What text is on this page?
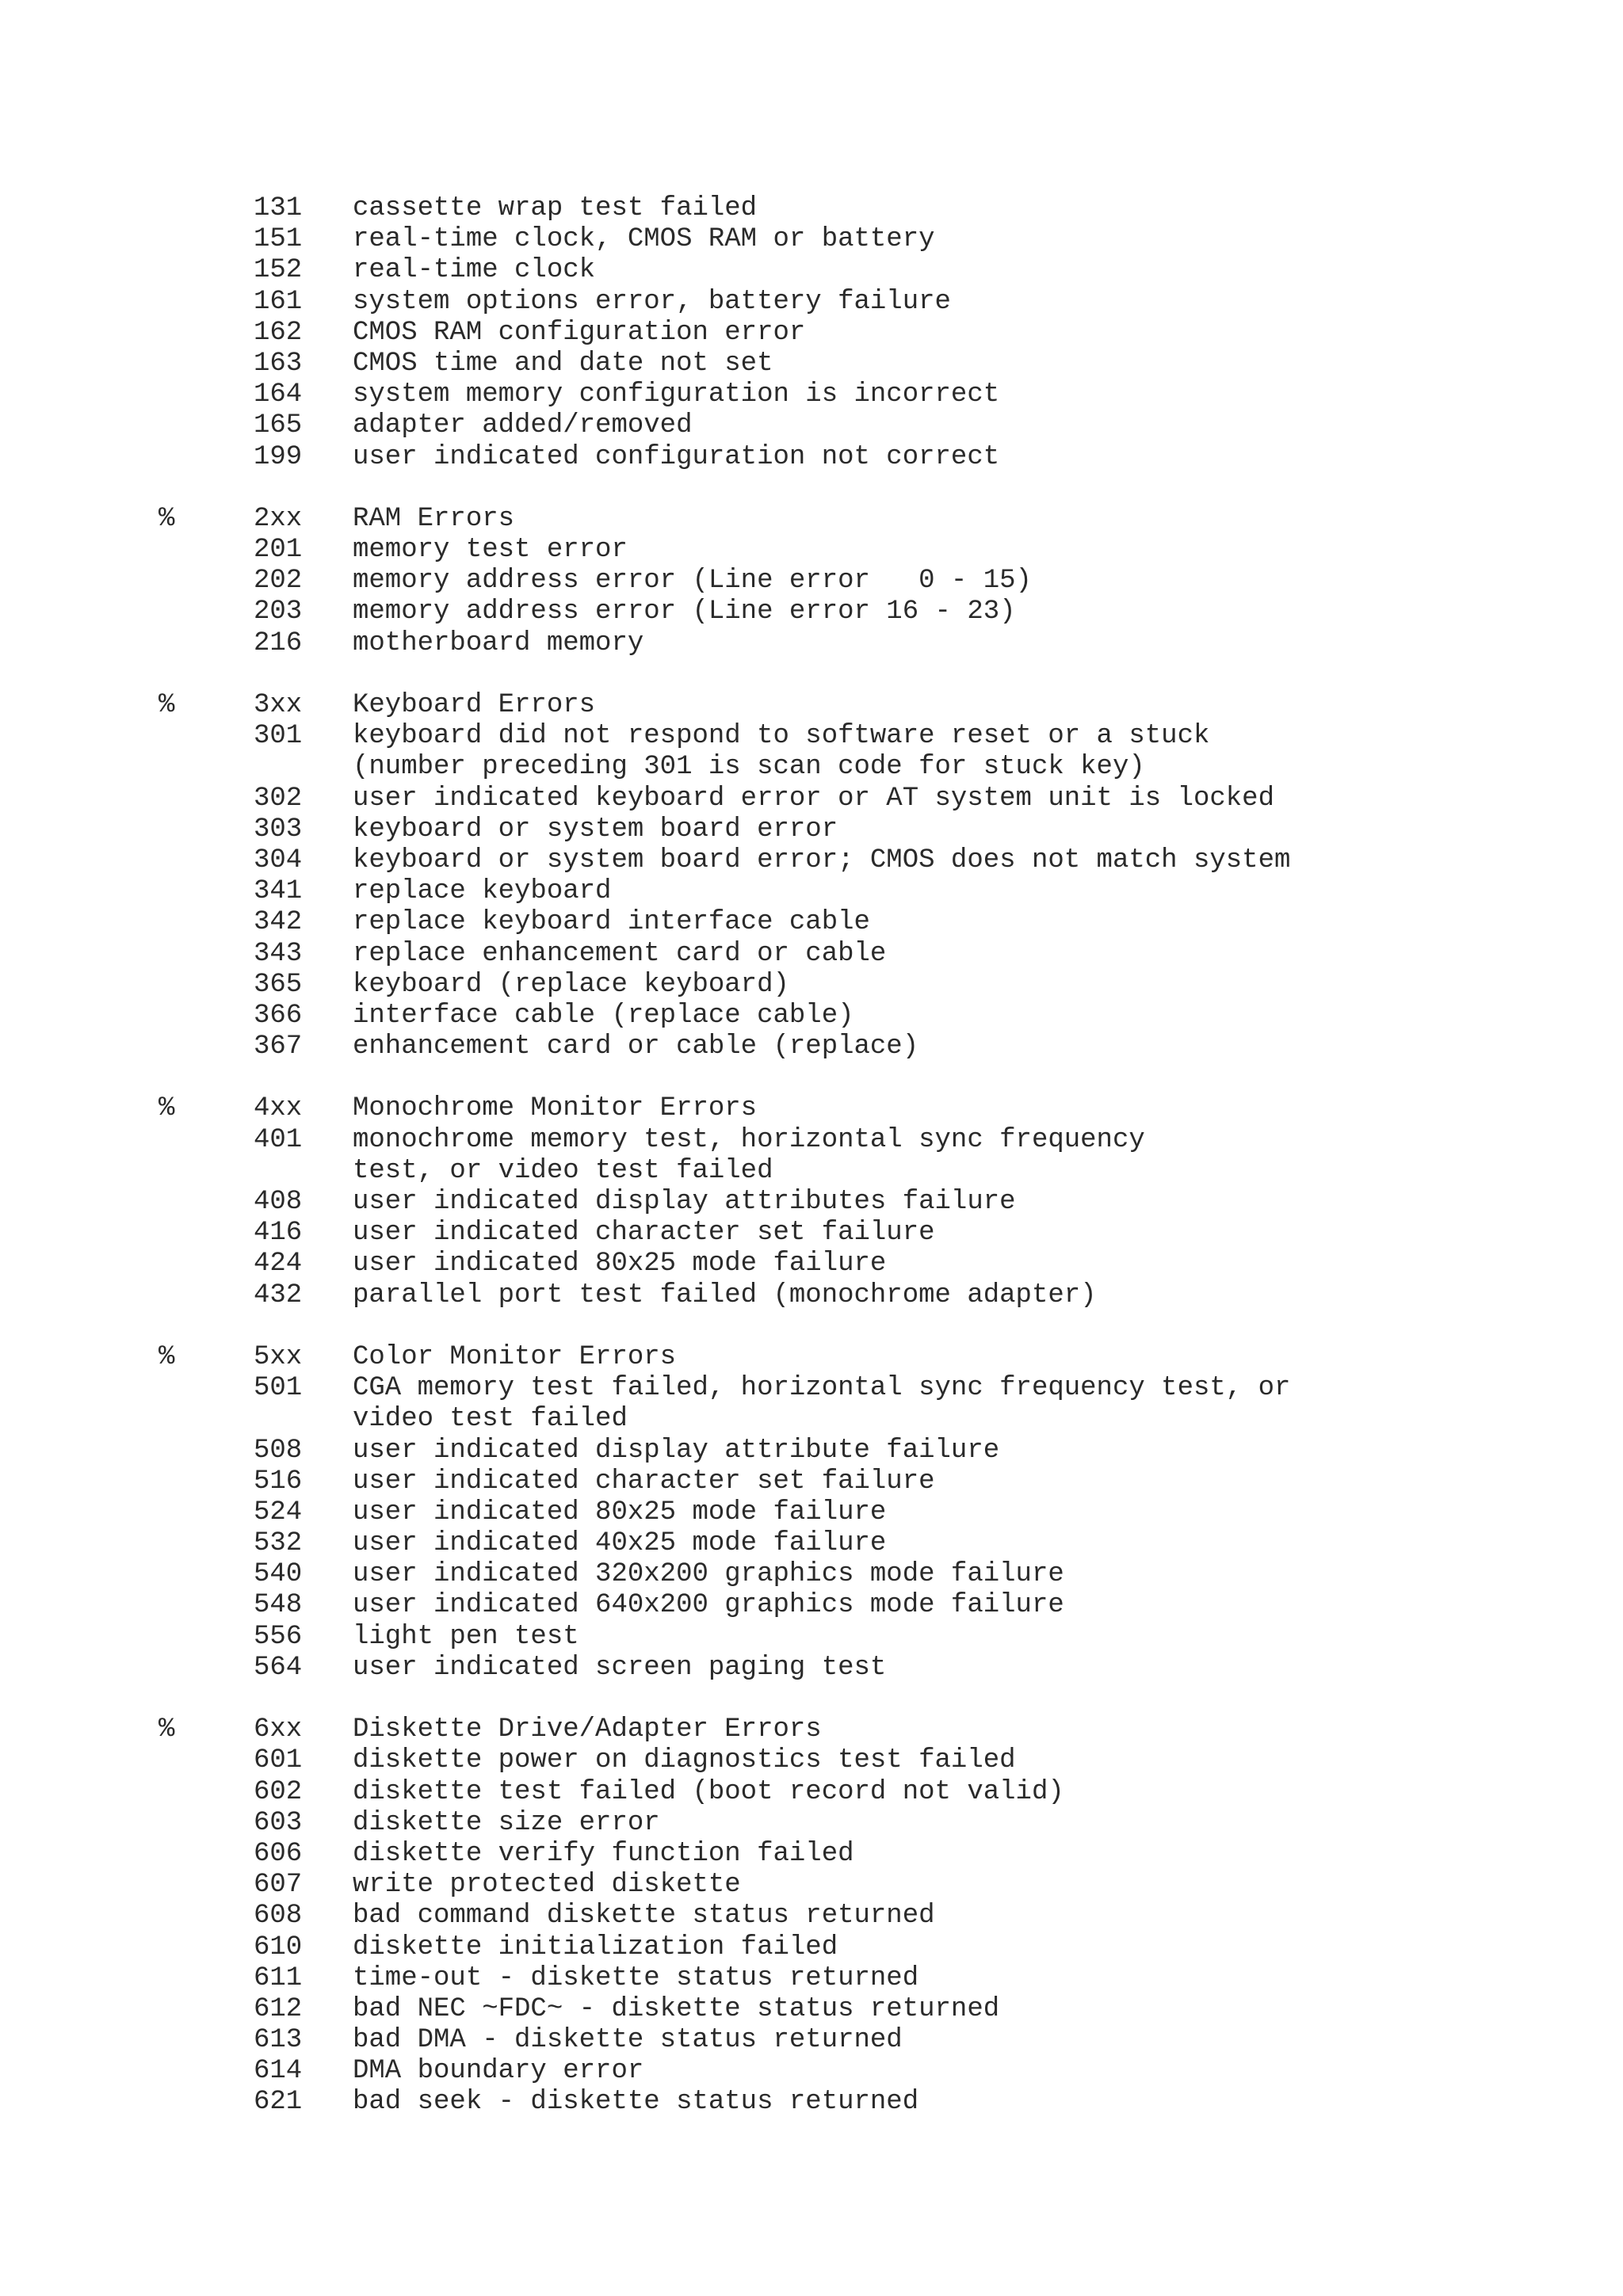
131	cassette wrap test failed
151	real-time clock, CMOS RAM or battery
152	real-time clock
161	system options error, battery failure
162	CMOS RAM configuration error
163	CMOS time and date not set
164	system memory configuration is incorrect
165	adapter added/removed
199	user indicated configuration not correct
%	2xx	RAM Errors
201	memory test error
202	memory address error (Line error   0 - 15)
203	memory address error (Line error 16 - 23)
216	motherboard memory
%	3xx	Keyboard Errors
301	keyboard did not respond to software reset or a stuck
(number preceding 301 is scan code for stuck key)
302	user indicated keyboard error or AT system unit is locked
303	keyboard or system board error
304	keyboard or system board error; CMOS does not match system
341	replace keyboard
342	replace keyboard interface cable
343	replace enhancement card or cable
365	keyboard (replace keyboard)
366	interface cable (replace cable)
367	enhancement card or cable (replace)
%	4xx	Monochrome Monitor Errors
401	monochrome memory test, horizontal sync frequency
test, or video test failed
408	user indicated display attributes failure
416	user indicated character set failure
424	user indicated 80x25 mode failure
432	parallel port test failed (monochrome adapter)
%	5xx	Color Monitor Errors
501	CGA memory test failed, horizontal sync frequency test, or
video test failed
508	user indicated display attribute failure
516	user indicated character set failure
524	user indicated 80x25 mode failure
532	user indicated 40x25 mode failure
540	user indicated 320x200 graphics mode failure
548	user indicated 640x200 graphics mode failure
556	light pen test
564	user indicated screen paging test
%	6xx	Diskette Drive/Adapter Errors
601	diskette power on diagnostics test failed
602	diskette test failed (boot record not valid)
603	diskette size error
606	diskette verify function failed
607	write protected diskette
608	bad command diskette status returned
610	diskette initialization failed
611	time-out - diskette status returned
612	bad NEC ~FDC~ - diskette status returned
613	bad DMA - diskette status returned
614	DMA boundary error
621	bad seek - diskette status returned
